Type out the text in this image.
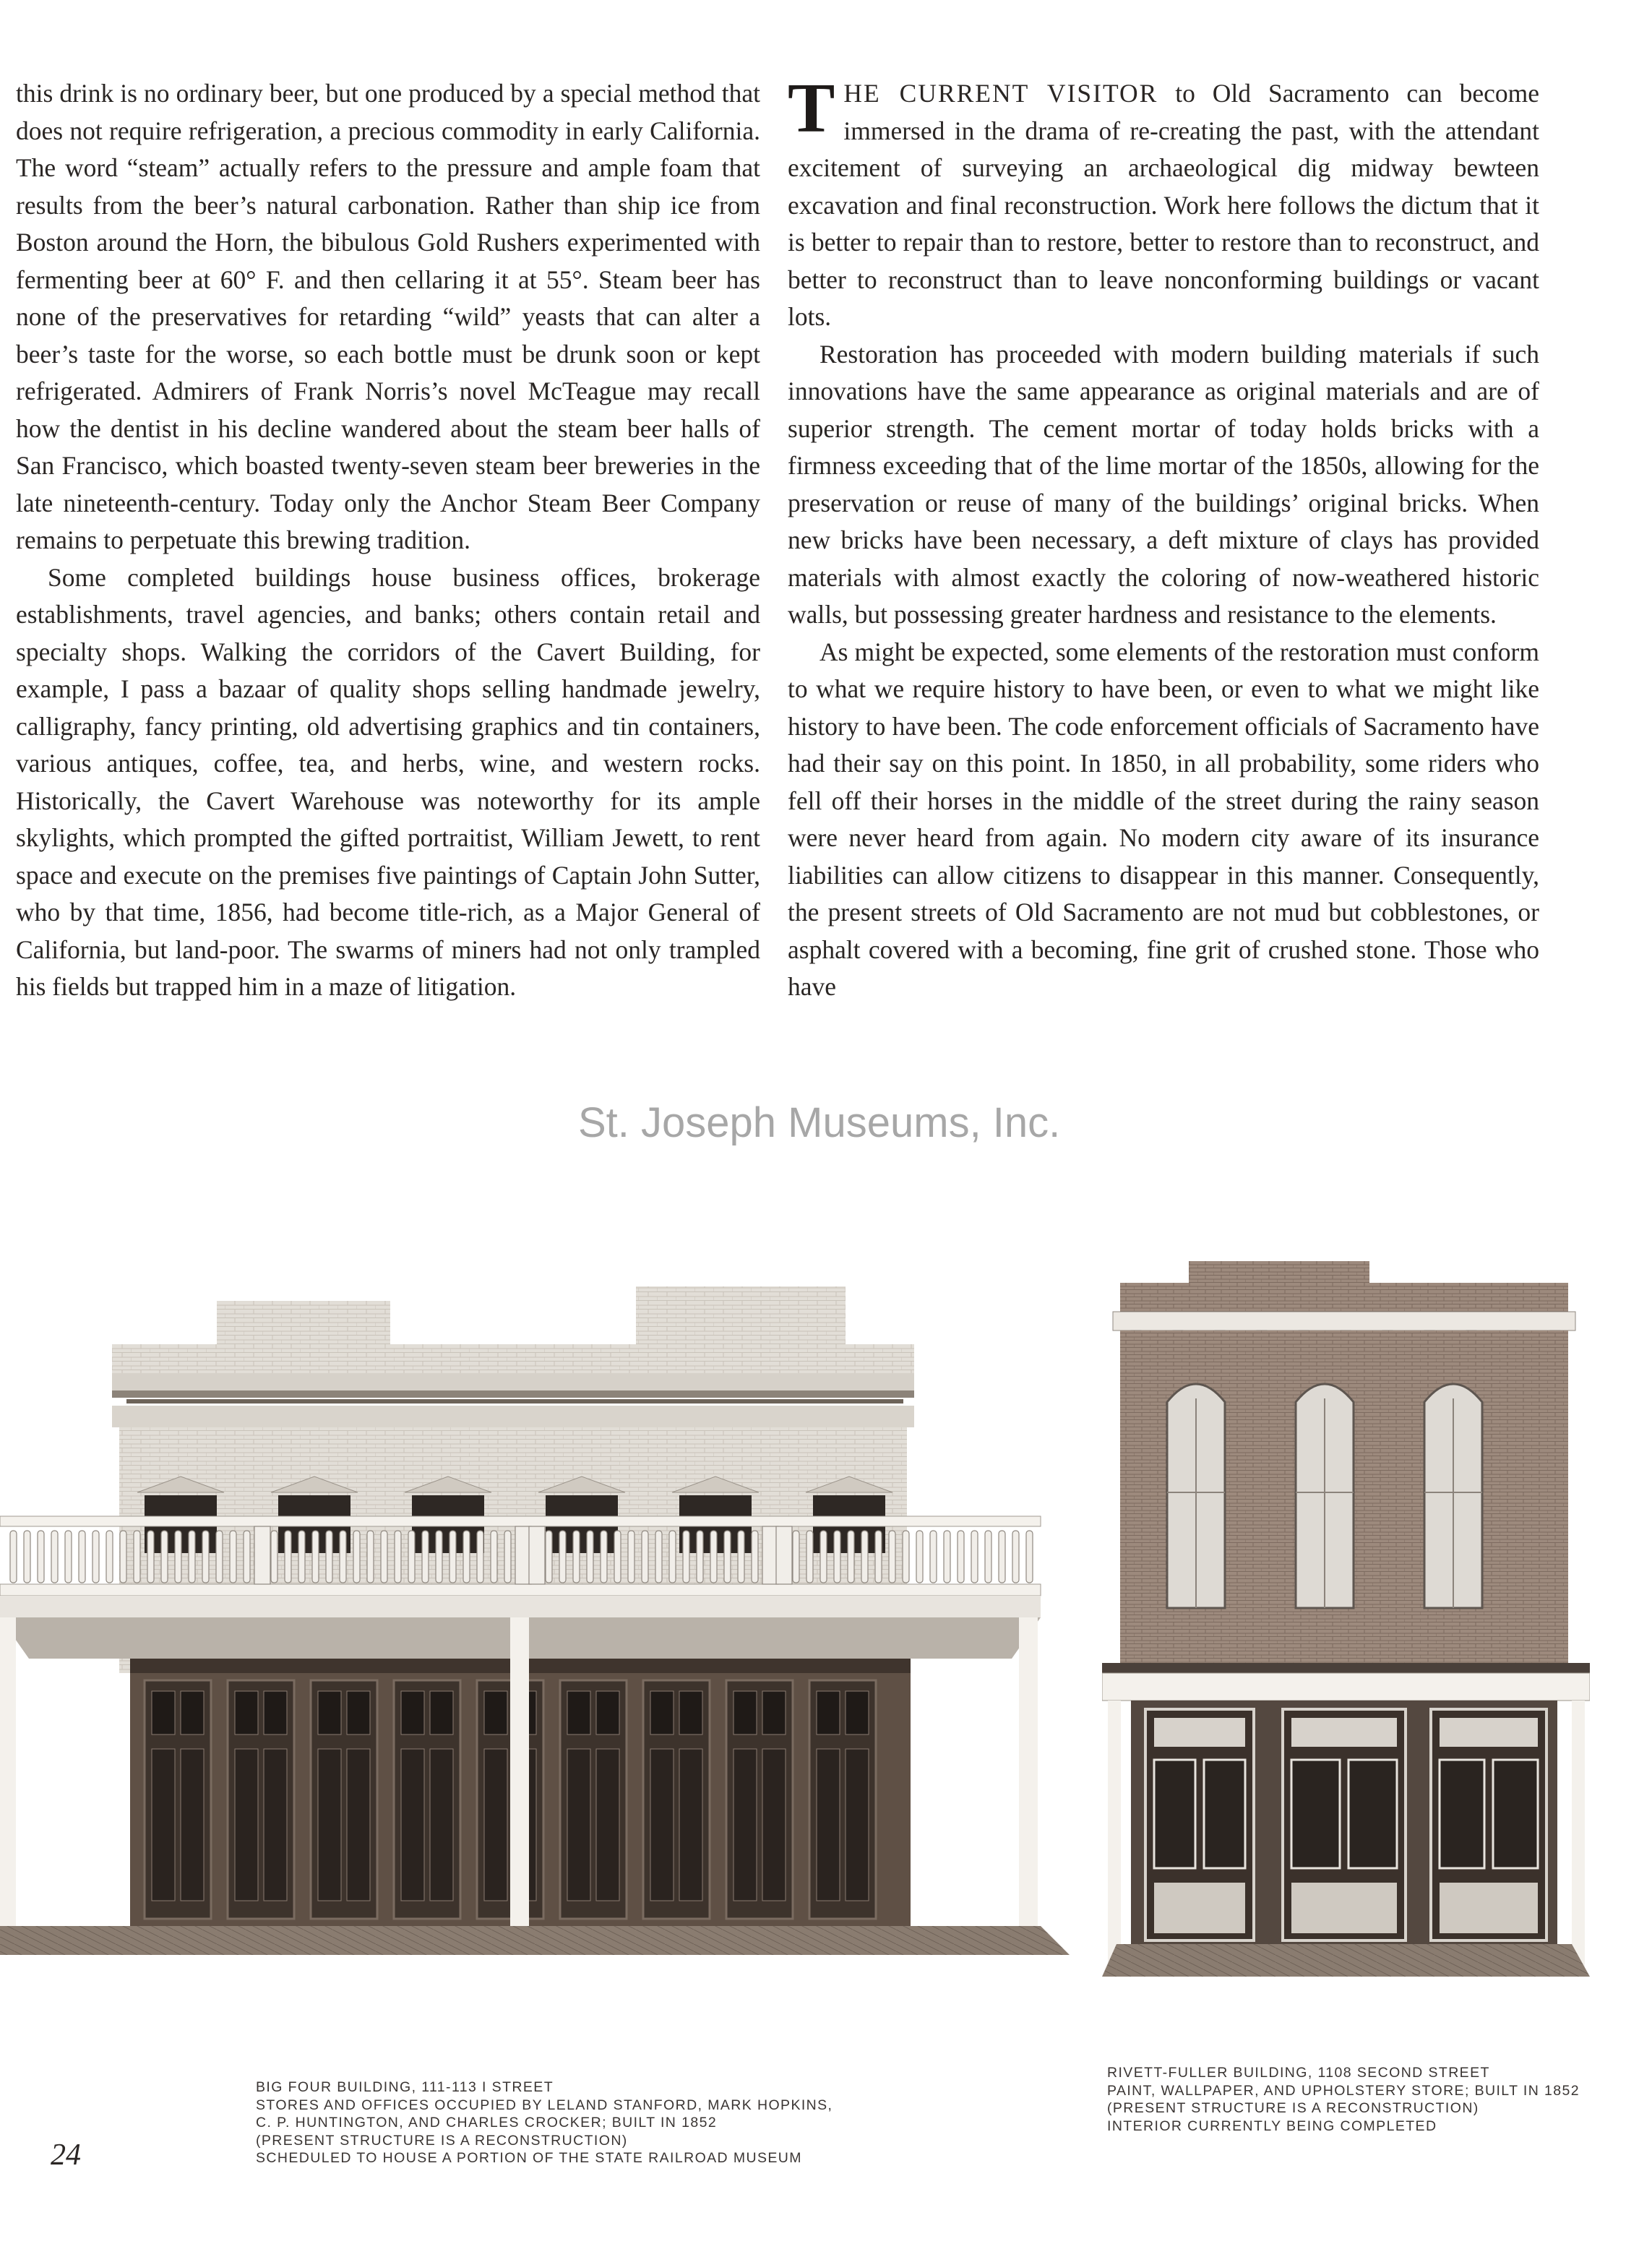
this drink is no ordinary beer, but one produced by a special method that does not require refrigeration, a precious commodity in early California. The word “steam” actually refers to the pressure and ample foam that results from the beer’s natural carbonation. Rather than ship ice from Boston around the Horn, the bibulous Gold Rushers experimented with fermenting beer at 60° F. and then cellaring it at 55°. Steam beer has none of the preservatives for retarding “wild” yeasts that can alter a beer’s taste for the worse, so each bottle must be drunk soon or kept refrigerated. Admirers of Frank Norris’s novel McTeague may recall how the dentist in his decline wandered about the steam beer halls of San Francisco, which boasted twenty-seven steam beer breweries in the late nineteenth-century. Today only the Anchor Steam Beer Company remains to perpetuate this brewing tradition.

Some completed buildings house business offices, brokerage establishments, travel agencies, and banks; others contain retail and specialty shops. Walking the corridors of the Cavert Building, for example, I pass a bazaar of quality shops selling handmade jewelry, calligraphy, fancy printing, old advertising graphics and tin containers, various antiques, coffee, tea, and herbs, wine, and western rocks. Historically, the Cavert Warehouse was noteworthy for its ample skylights, which prompted the gifted portraitist, William Jewett, to rent space and execute on the premises five paintings of Captain John Sutter, who by that time, 1856, had become title-rich, as a Major General of California, but land-poor. The swarms of miners had not only trampled his fields but trapped him in a maze of litigation.

THE CURRENT VISITOR to Old Sacramento can become immersed in the drama of re-creating the past, with the attendant excitement of surveying an archaeological dig midway bewteen excavation and final reconstruction. Work here follows the dictum that it is better to repair than to restore, better to restore than to reconstruct, and better to reconstruct than to leave nonconforming buildings or vacant lots.

Restoration has proceeded with modern building materials if such innovations have the same appearance as original materials and are of superior strength. The cement mortar of today holds bricks with a firmness exceeding that of the lime mortar of the 1850s, allowing for the preservation or reuse of many of the buildings’ original bricks. When new bricks have been necessary, a deft mixture of clays has provided materials with almost exactly the coloring of now-weathered historic walls, but possessing greater hardness and resistance to the elements.

As might be expected, some elements of the restoration must conform to what we require history to have been, or even to what we might like history to have been. The code enforcement officials of Sacramento have had their say on this point. In 1850, in all probability, some riders who fell off their horses in the middle of the street during the rainy season were never heard from again. No modern city aware of its insurance liabilities can allow citizens to disappear in this manner. Consequently, the present streets of Old Sacramento are not mud but cobblestones, or asphalt covered with a becoming, fine grit of crushed stone. Those who have

St. Joseph Museums, Inc.
BIG FOUR BUILDING, 111-113 I STREET
STORES AND OFFICES OCCUPIED BY LELAND STANFORD, MARK HOPKINS,
C. P. HUNTINGTON, AND CHARLES CROCKER; BUILT IN 1852
(PRESENT STRUCTURE IS A RECONSTRUCTION)
SCHEDULED TO HOUSE A PORTION OF THE STATE RAILROAD MUSEUM
RIVETT-FULLER BUILDING, 1108 SECOND STREET
PAINT, WALLPAPER, AND UPHOLSTERY STORE; BUILT IN 1852
(PRESENT STRUCTURE IS A RECONSTRUCTION)
INTERIOR CURRENTLY BEING COMPLETED
24
